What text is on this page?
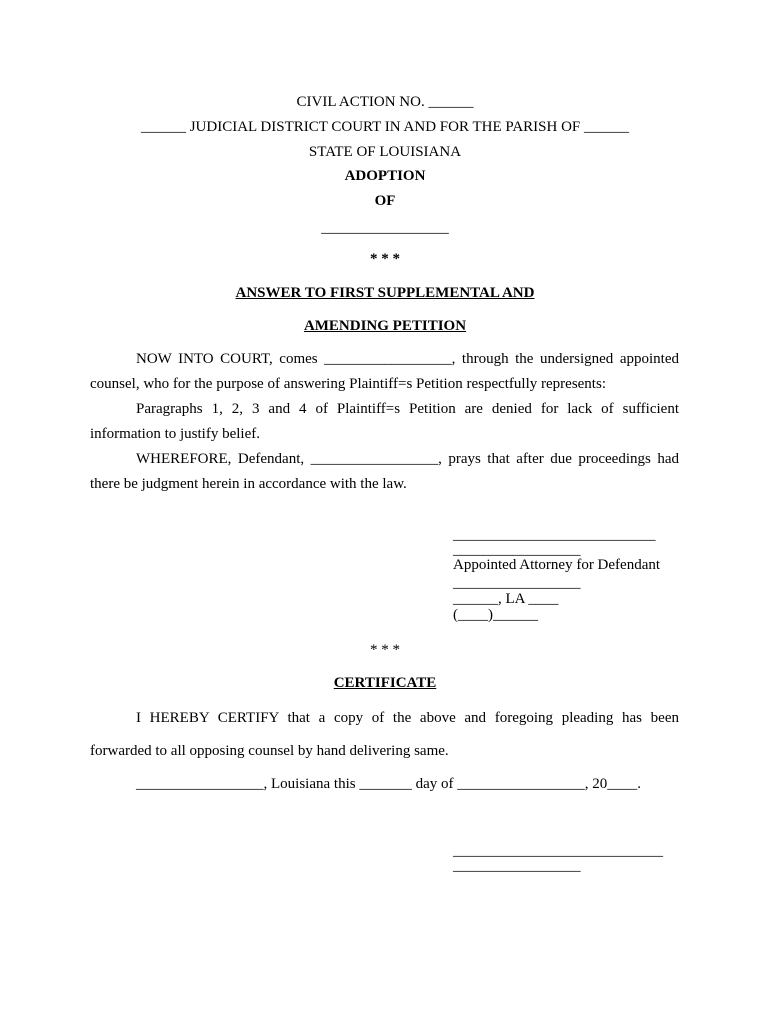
CIVIL ACTION NO. ______
______ JUDICIAL DISTRICT COURT IN AND FOR THE PARISH OF ______
STATE OF LOUISIANA
ADOPTION
OF
_________________
* * *
ANSWER TO FIRST SUPPLEMENTAL AND
AMENDING PETITION
NOW INTO COURT, comes _________________, through the undersigned appointed
counsel, who for the purpose of answering Plaintiff=s Petition respectfully represents:
Paragraphs 1, 2, 3 and 4 of Plaintiff=s Petition are denied for lack of sufficient
information to justify belief.
WHEREFORE, Defendant, _________________, prays that after due proceedings had
there be judgment herein in accordance with the law.
___________________________
_________________
Appointed Attorney for Defendant
_________________
______, LA ____
(____)______
* * *
CERTIFICATE
I HEREBY CERTIFY that a copy of the above and foregoing pleading has been
forwarded to all opposing counsel by hand delivering same.
_________________, Louisiana this _______ day of _________________, 20____.
____________________________
_________________
